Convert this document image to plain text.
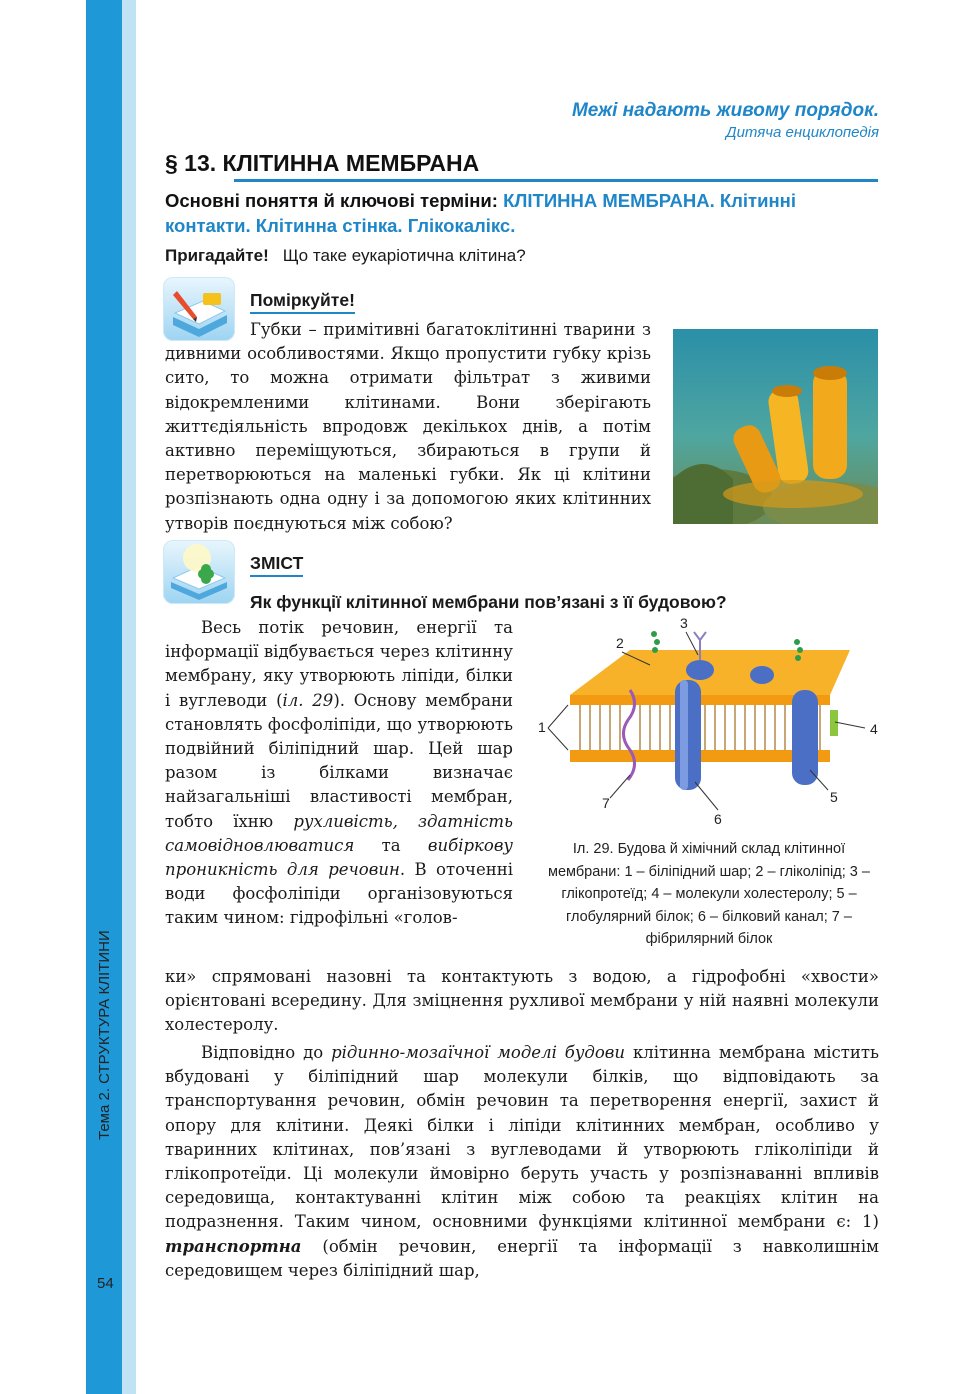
Тема 2. СТРУКТУРА КЛІТИНИ
54
Межі надають живому порядок.
Дитяча енциклопедія
§ 13. КЛІТИННА МЕМБРАНА
Основні поняття й ключові терміни: КЛІТИННА МЕМБРАНА. Клітинні контакти. Клітинна стінка. Глікокалікс.
Пригадайте! Що таке еукаріотична клітина?
Поміркуйте!
Губки – примітивні багатоклітинні тварини з дивними особливостями. Якщо пропустити губку крізь сито, то можна отримати фільтрат з живими відокремленими клітинами. Вони зберігають життєдіяльність впродовж декількох днів, а потім активно переміщуються, збираються в групи й перетворюються на маленькі губки. Як ці клітини розпізнають одна одну і за допомогою яких клітинних утворів поєднуються між собою?
ЗМІСТ
Як функції клітинної мембрани пов’язані з її будовою?
Весь потік речовин, енергії та інформації відбувається через клітинну мембрану, яку утворюють ліпіди, білки і вуглеводи (іл. 29). Основу мембрани становлять фосфоліпіди, що утворюють подвійний біліпідний шар. Цей шар разом із білками визначає найзагальніші властивості мембран, тобто їхню рухливість, здатність самовідновлюватися та вибіркову проникність для речовин. В оточенні води фосфоліпіди організовуються таким чином: гідрофільні «голов-
ки» спрямовані назовні та контактують з водою, а гідрофобні «хвости» орієнтовані всередину. Для зміцнення рухливої мембрани у ній наявні молекули холестеролу.
Відповідно до рідинно-мозаїчної моделі будови клітинна мембрана містить вбудовані у біліпідний шар молекули білків, що відповідають за транспортування речовин, обмін речовин та перетворення енергії, захист й опору для клітини. Деякі білки і ліпіди клітинних мембран, особливо у тваринних клітинах, пов’язані з вуглеводами й утворюють гліколіпіди й глікопротеїди. Ці молекули ймовірно беруть участь у розпізнаванні впливів середовища, контактуванні клітин між собою та реакціях клітин на подразнення. Таким чином, основними функціями клітинної мембрани є: 1) транспортна (обмін речовин, енергії та інформації з навколишнім середовищем через біліпідний шар,
1
2
3
4
5
6
7
Іл. 29. Будова й хімічний склад клітинної мембрани: 1 – біліпідний шар; 2 – гліколіпід; 3 – глікопротеїд; 4 – молекули холестеролу; 5 – глобулярний білок; 6 – білковий канал; 7 – фібрилярний білок
